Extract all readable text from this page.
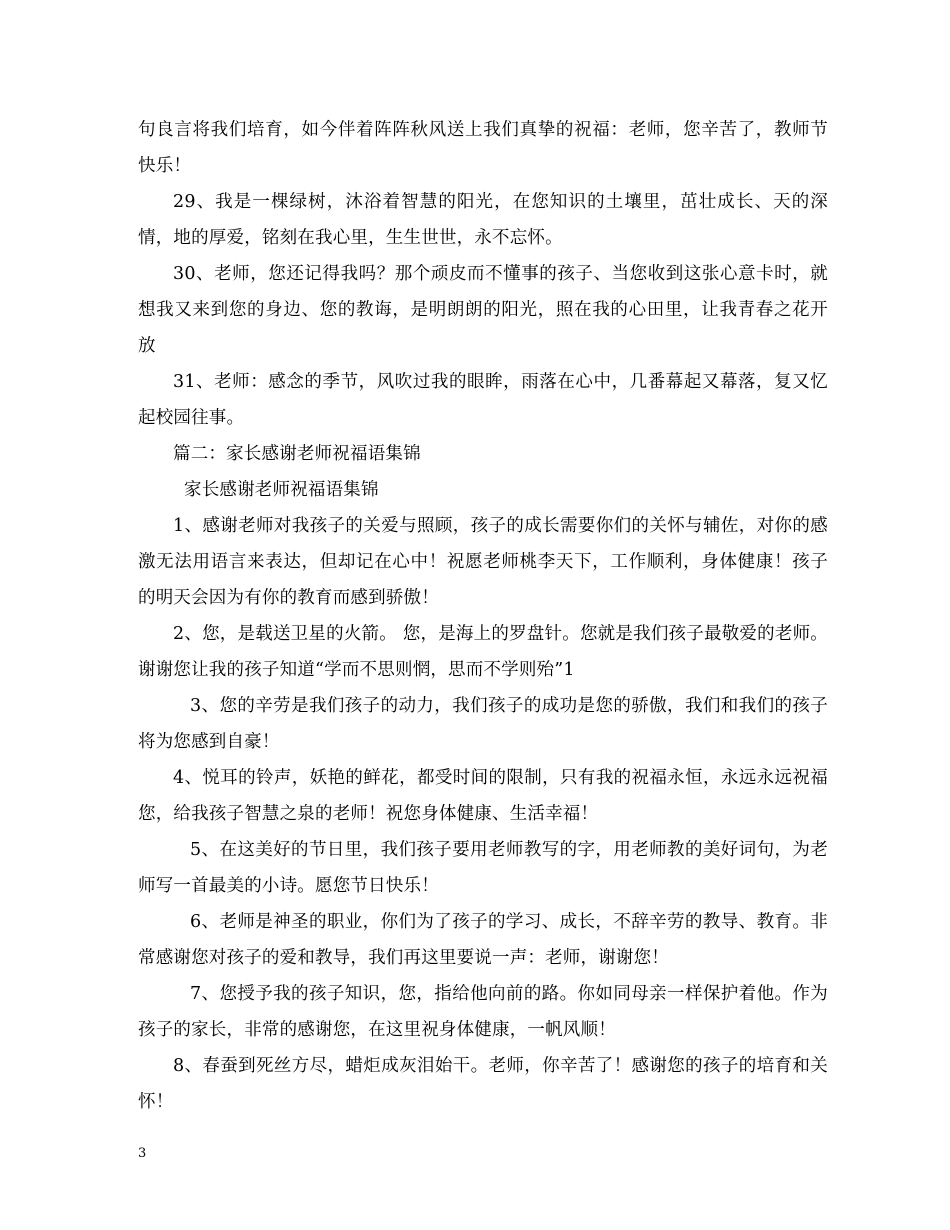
句良言将我们培育，如今伴着阵阵秋风送上我们真挚的祝福：老师，您辛苦了，教师节快乐！

29、我是一棵绿树，沐浴着智慧的阳光，在您知识的土壤里，茁壮成长、天的深情，地的厚爱，铭刻在我心里，生生世世，永不忘怀。

30、老师，您还记得我吗？那个顽皮而不懂事的孩子、当您收到这张心意卡时，就想我又来到您的身边、您的教诲，是明朗朗的阳光，照在我的心田里，让我青春之花开放

31、老师：感念的季节，风吹过我的眼眸，雨落在心中，几番幕起又幕落，复又忆起校园往事。

篇二：家长感谢老师祝福语集锦

家长感谢老师祝福语集锦

1、感谢老师对我孩子的关爱与照顾，孩子的成长需要你们的关怀与辅佐，对你的感激无法用语言来表达，但却记在心中！祝愿老师桃李天下，工作顺利，身体健康！孩子的明天会因为有你的教育而感到骄傲！

2、您，是载送卫星的火箭。 您，是海上的罗盘针。您就是我们孩子最敬爱的老师。谢谢您让我的孩子知道“学而不思则惘，思而不学则殆”1

3、您的辛劳是我们孩子的动力，我们孩子的成功是您的骄傲，我们和我们的孩子将为您感到自豪！

4、悦耳的铃声，妖艳的鲜花，都受时间的限制，只有我的祝福永恒，永远永远祝福您，给我孩子智慧之泉的老师！祝您身体健康、生活幸福！

5、在这美好的节日里，我们孩子要用老师教写的字，用老师教的美好词句，为老师写一首最美的小诗。愿您节日快乐！

6、老师是神圣的职业，你们为了孩子的学习、成长，不辞辛劳的教导、教育。非常感谢您对孩子的爱和教导，我们再这里要说一声：老师，谢谢您！

7、您授予我的孩子知识，您，指给他向前的路。你如同母亲一样保护着他。作为孩子的家长，非常的感谢您，在这里祝身体健康，一帆风顺！

8、春蚕到死丝方尽，蜡炬成灰泪始干。老师，你辛苦了！感谢您的孩子的培育和关怀！

3
